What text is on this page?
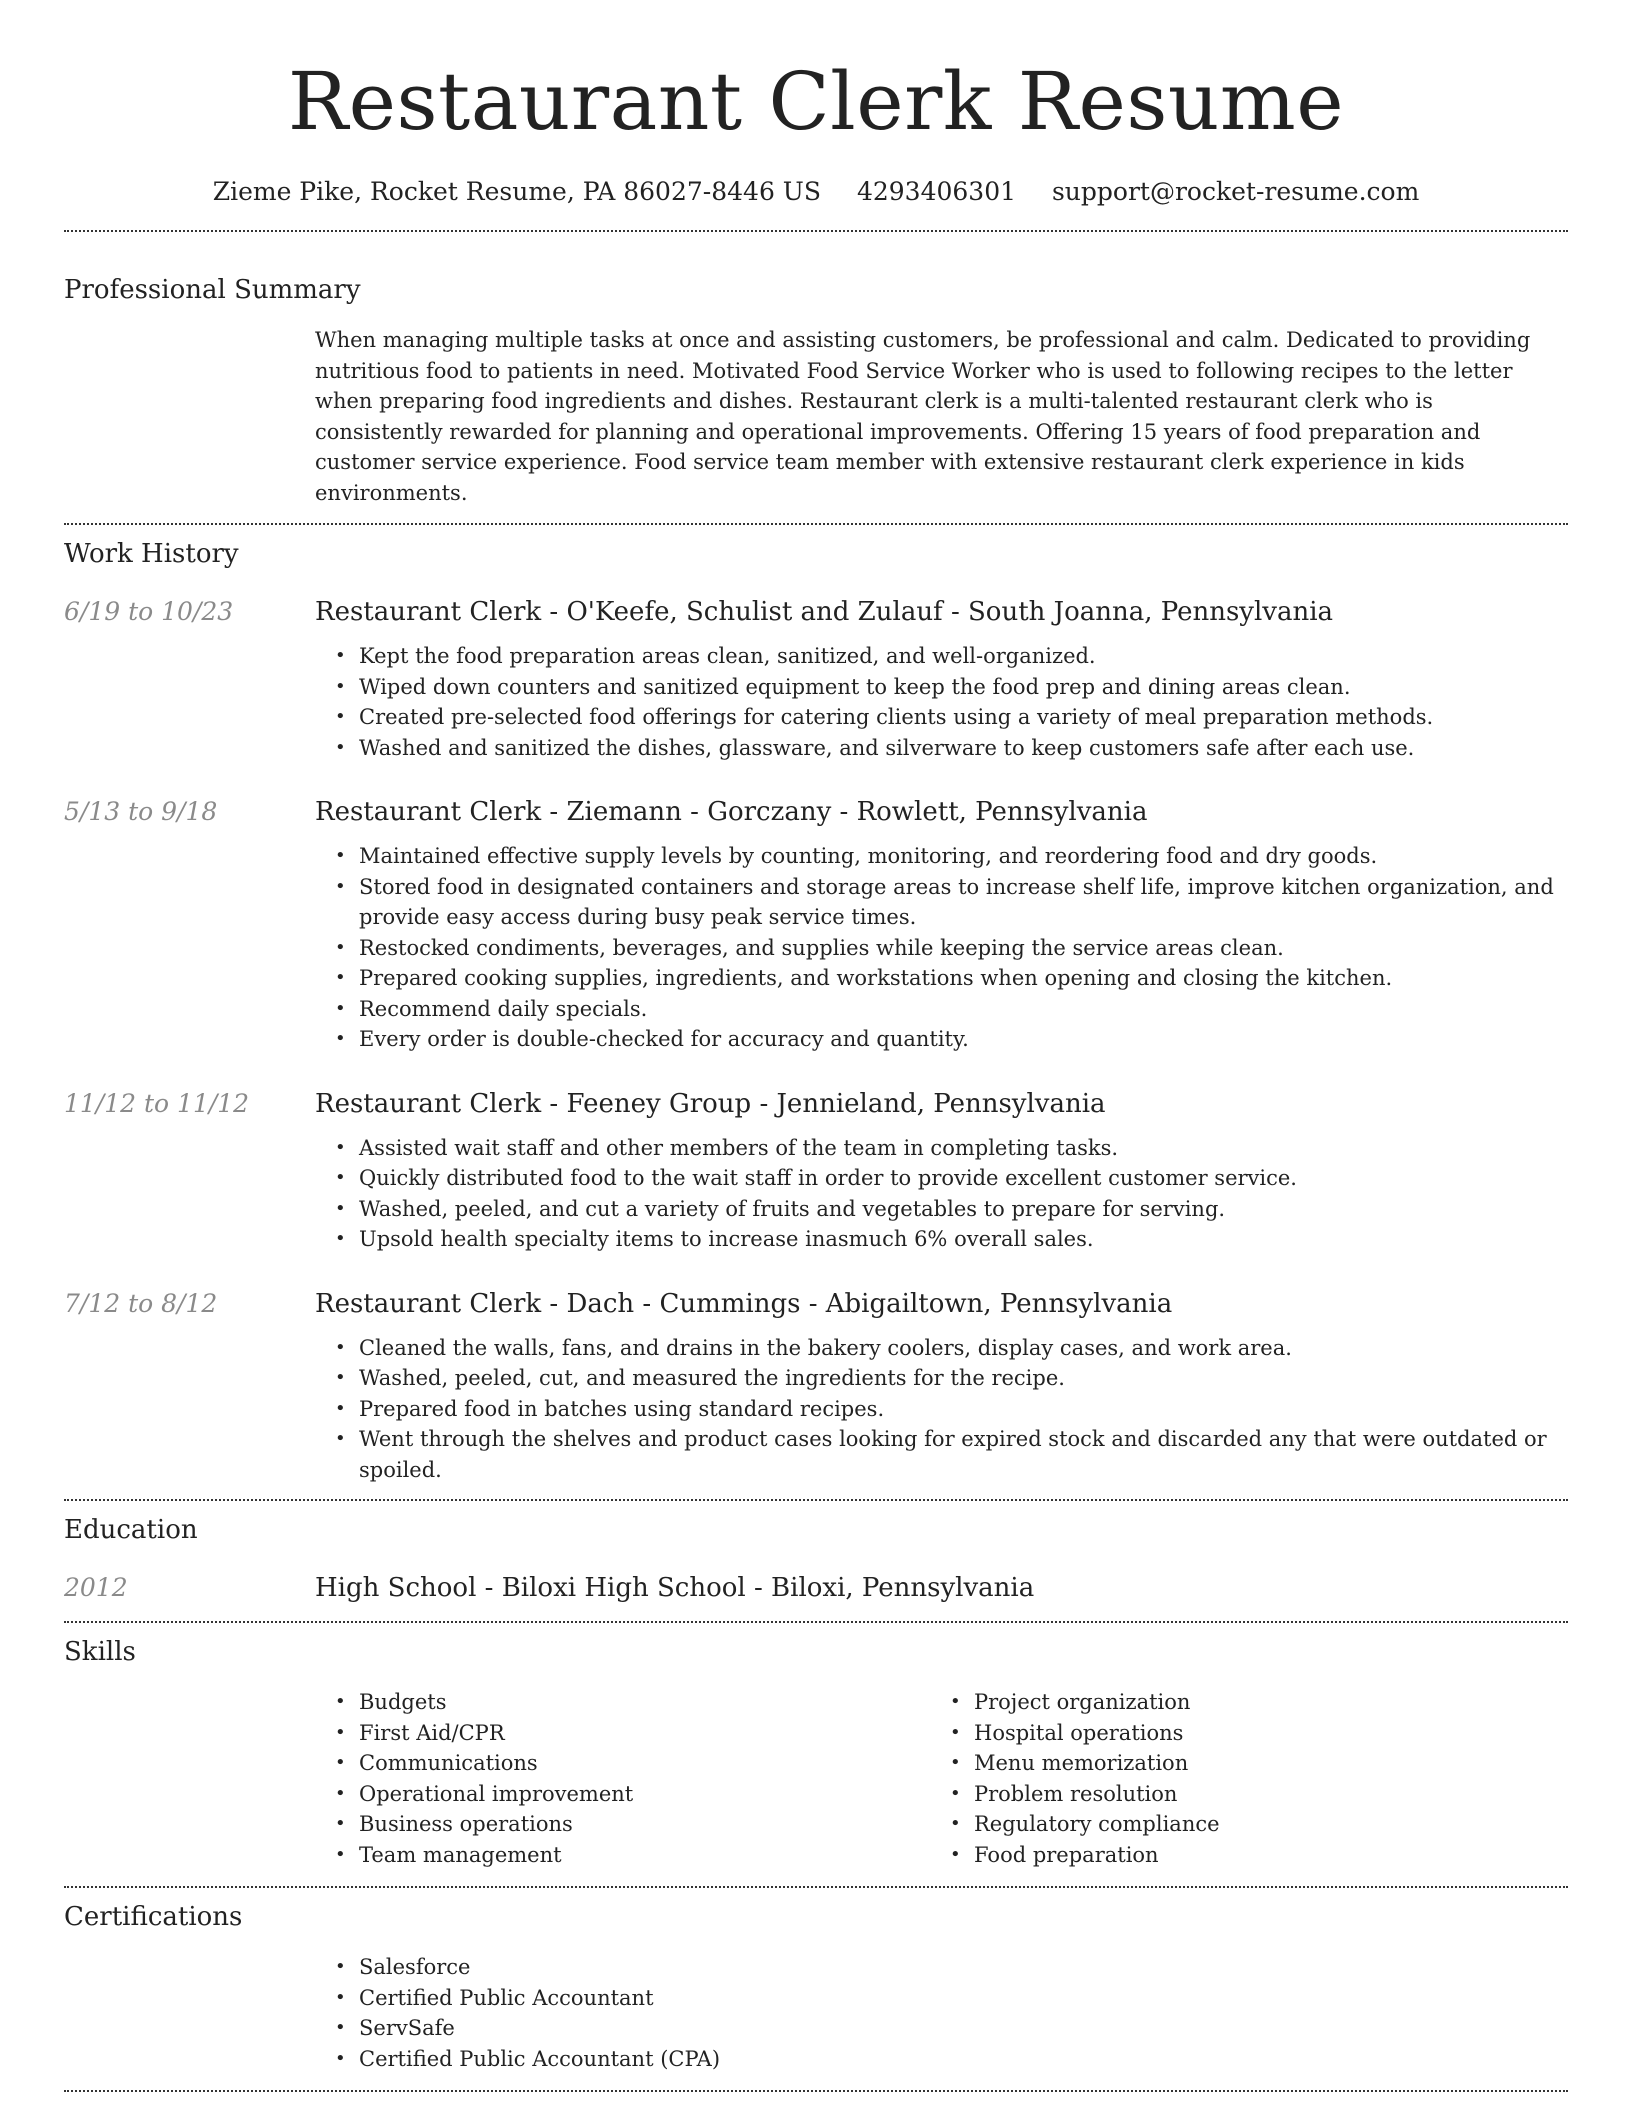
Restaurant Clerk Resume
Zieme Pike, Rocket Resume, PA 86027-8446 US 4293406301 support@rocket-resume.com
Professional Summary
When managing multiple tasks at once and assisting customers, be professional and calm. Dedicated to providing nutritious food to patients in need. Motivated Food Service Worker who is used to following recipes to the letter when preparing food ingredients and dishes. Restaurant clerk is a multi-talented restaurant clerk who is consistently rewarded for planning and operational improvements. Offering 15 years of food preparation and customer service experience. Food service team member with extensive restaurant clerk experience in kids environments.
Work History
6/19 to 10/23	Restaurant Clerk - O'Keefe, Schulist and Zulauf - South Joanna, Pennsylvania
• Kept the food preparation areas clean, sanitized, and well-organized.
• Wiped down counters and sanitized equipment to keep the food prep and dining areas clean.
• Created pre-selected food offerings for catering clients using a variety of meal preparation methods.
• Washed and sanitized the dishes, glassware, and silverware to keep customers safe after each use.
5/13 to 9/18	Restaurant Clerk - Ziemann - Gorczany - Rowlett, Pennsylvania
• Maintained effective supply levels by counting, monitoring, and reordering food and dry goods.
• Stored food in designated containers and storage areas to increase shelf life, improve kitchen organization, and provide easy access during busy peak service times.
• Restocked condiments, beverages, and supplies while keeping the service areas clean.
• Prepared cooking supplies, ingredients, and workstations when opening and closing the kitchen.
• Recommend daily specials.
• Every order is double-checked for accuracy and quantity.
11/12 to 11/12	Restaurant Clerk - Feeney Group - Jennieland, Pennsylvania
• Assisted wait staff and other members of the team in completing tasks.
• Quickly distributed food to the wait staff in order to provide excellent customer service.
• Washed, peeled, and cut a variety of fruits and vegetables to prepare for serving.
• Upsold health specialty items to increase inasmuch 6% overall sales.
7/12 to 8/12	Restaurant Clerk - Dach - Cummings - Abigailtown, Pennsylvania
• Cleaned the walls, fans, and drains in the bakery coolers, display cases, and work area.
• Washed, peeled, cut, and measured the ingredients for the recipe.
• Prepared food in batches using standard recipes.
• Went through the shelves and product cases looking for expired stock and discarded any that were outdated or spoiled.
Education
2012	High School - Biloxi High School - Biloxi, Pennsylvania
Skills
• Budgets
• First Aid/CPR
• Communications
• Operational improvement
• Business operations
• Team management
• Project organization
• Hospital operations
• Menu memorization
• Problem resolution
• Regulatory compliance
• Food preparation
Certifications
• Salesforce
• Certified Public Accountant
• ServSafe
• Certified Public Accountant (CPA)
